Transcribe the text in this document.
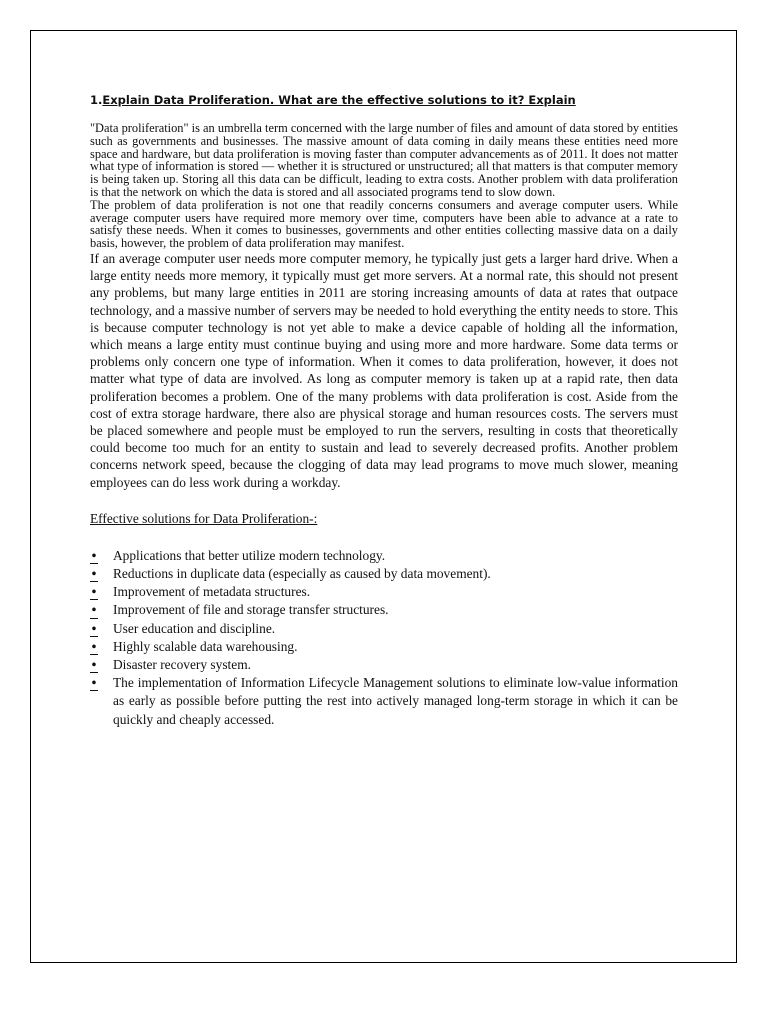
1.Explain Data Proliferation. What are the effective solutions to it? Explain

"Data proliferation" is an umbrella term concerned with the large number of files and amount of data stored by entities such as governments and businesses. The massive amount of data coming in daily means these entities need more space and hardware, but data proliferation is moving faster than computer advancements as of 2011. It does not matter what type of information is stored — whether it is structured or unstructured; all that matters is that computer memory is being taken up. Storing all this data can be difficult, leading to extra costs. Another problem with data proliferation is that the network on which the data is stored and all associated programs tend to slow down.

The problem of data proliferation is not one that readily concerns consumers and average computer users. While average computer users have required more memory over time, computers have been able to advance at a rate to satisfy these needs. When it comes to businesses, governments and other entities collecting massive data on a daily basis, however, the problem of data proliferation may manifest.

If an average computer user needs more computer memory, he typically just gets a larger hard drive. When a large entity needs more memory, it typically must get more servers. At a normal rate, this should not present any problems, but many large entities in 2011 are storing increasing amounts of data at rates that outpace technology, and a massive number of servers may be needed to hold everything the entity needs to store. This is because computer technology is not yet able to make a device capable of holding all the information, which means a large entity must continue buying and using more and more hardware. Some data terms or problems only concern one type of information. When it comes to data proliferation, however, it does not matter what type of data are involved. As long as computer memory is taken up at a rapid rate, then data proliferation becomes a problem. One of the many problems with data proliferation is cost. Aside from the cost of extra storage hardware, there also are physical storage and human resources costs. The servers must be placed somewhere and people must be employed to run the servers, resulting in costs that theoretically could become too much for an entity to sustain and lead to severely decreased profits. Another problem concerns network speed, because the clogging of data may lead programs to move much slower, meaning employees can do less work during a workday.

Effective solutions for Data Proliferation-:
• Applications that better utilize modern technology.
• Reductions in duplicate data (especially as caused by data movement).
• Improvement of metadata structures.
• Improvement of file and storage transfer structures.
• User education and discipline.
• Highly scalable data warehousing.
• Disaster recovery system.
• The implementation of Information Lifecycle Management solutions to eliminate low-value information as early as possible before putting the rest into actively managed long-term storage in which it can be quickly and cheaply accessed.
